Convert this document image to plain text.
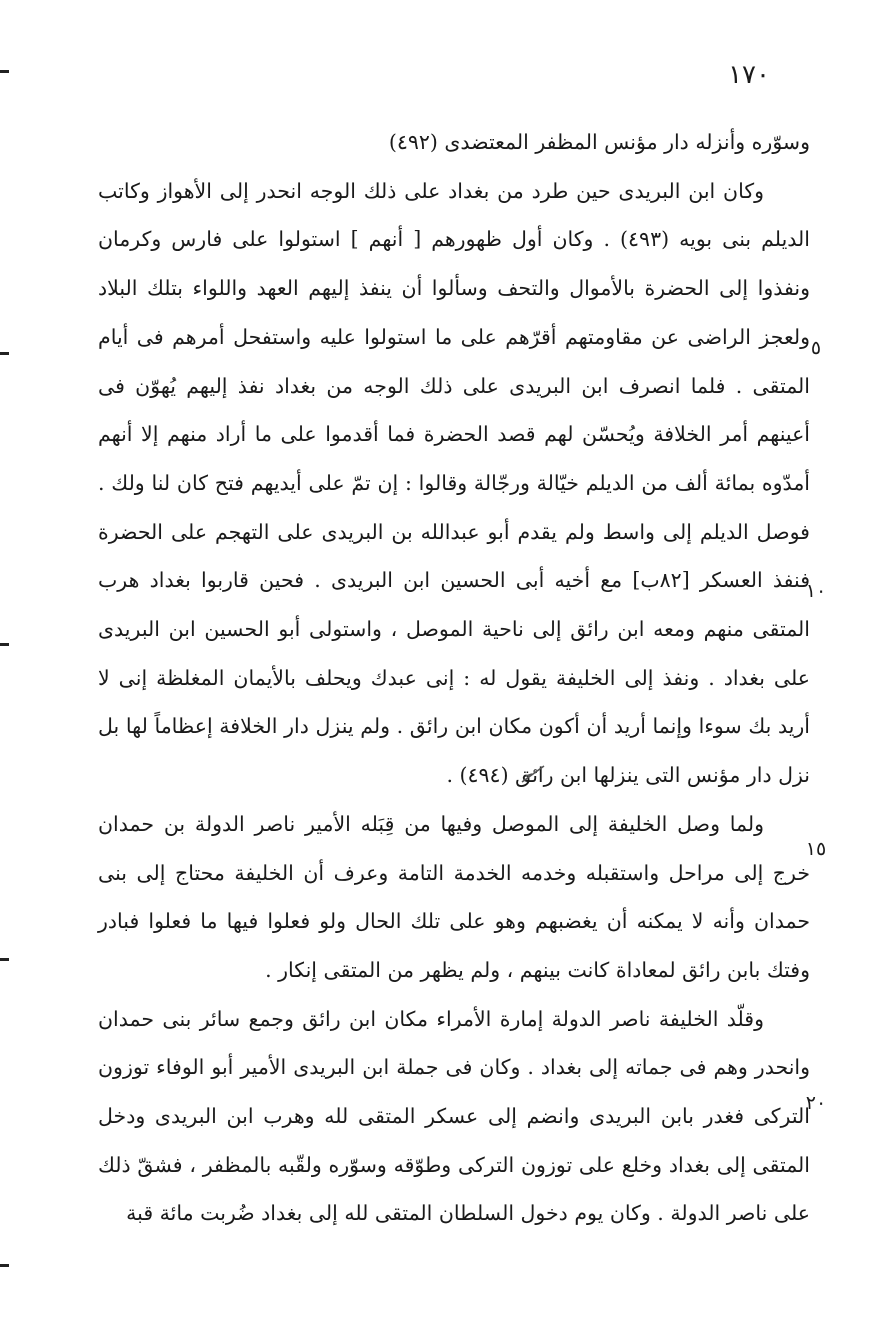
١٧٠

وسوّره وأنزله دار مؤنس المظفر المعتضدى (٤٩٢)

وكان ابن البريدى حين طرد من بغداد على ذلك الوجه انحدر إلى الأهواز وكاتب الديلم بنى بويه (٤٩٣) . وكان أول ظهورهم [ أنهم ] استولوا على فارس وكرمان ونفذوا إلى الحضرة بالأموال والتحف وسألوا أن ينفذ إليهم العهد واللواء بتلك البلاد ولعجز الراضى عن مقاومتهم أقرّهم على ما استولوا عليه واستفحل أمرهم فى أيام المتقى . فلما انصرف ابن البريدى على ذلك الوجه من بغداد نفذ إليهم يُهوّن فى أعينهم أمر الخلافة ويُحسّن لهم قصد الحضرة فما أقدموا على ما أراد منهم إلا أنهم أمدّوه بمائة ألف من الديلم خيّالة ورجّالة وقالوا : إن تمّ على أيديهم فتح كان لنا ولك . فوصل الديلم إلى واسط ولم يقدم أبو عبدالله بن البريدى على التهجم على الحضرة فنفذ العسكر [٨٢ب] مع أخيه أبى الحسين ابن البريدى . فحين قاربوا بغداد هرب المتقى منهم ومعه ابن رائق إلى ناحية الموصل ، واستولى أبو الحسين ابن البريدى على بغداد . ونفذ إلى الخليفة يقول له : إنى عبدك ويحلف بالأيمان المغلظة إنى لا أريد بك سوءا وإنما أريد أن أكون مكان ابن رائق . ولم ينزل دار الخلافة إعظاماً لها بل نزل دار مؤنس التى ينزلها ابن رائق (٤٩٤) .

ولما وصل الخليفة إلى الموصل وفيها من قِبَله الأمير ناصر الدولة بن حمدان خرج إلى مراحل واستقبله وخدمه الخدمة التامة وعرف أن الخليفة محتاج إلى بنى حمدان وأنه لا يمكنه أن يغضبهم وهو على تلك الحال ولو فعلوا فيها ما فعلوا فبادر وفتك بابن رائق لمعاداة كانت بينهم ، ولم يظهر من المتقى إنكار .

وقلّد الخليفة ناصر الدولة إمارة الأمراء مكان ابن رائق وجمع سائر بنى حمدان وانحدر وهم فى جماته إلى بغداد . وكان فى جملة ابن البريدى الأمير أبو الوفاء توزون التركى فغدر بابن البريدى وانضم إلى عسكر المتقى لله وهرب ابن البريدى ودخل المتقى إلى بغداد وخلع على توزون التركى وطوّقه وسوّره ولقّبه بالمظفر ، فشقّ ذلك على ناصر الدولة . وكان يوم دخول السلطان المتقى لله إلى بغداد ضُربت مائة قبة

٥
١٠
١٥
٢٠
